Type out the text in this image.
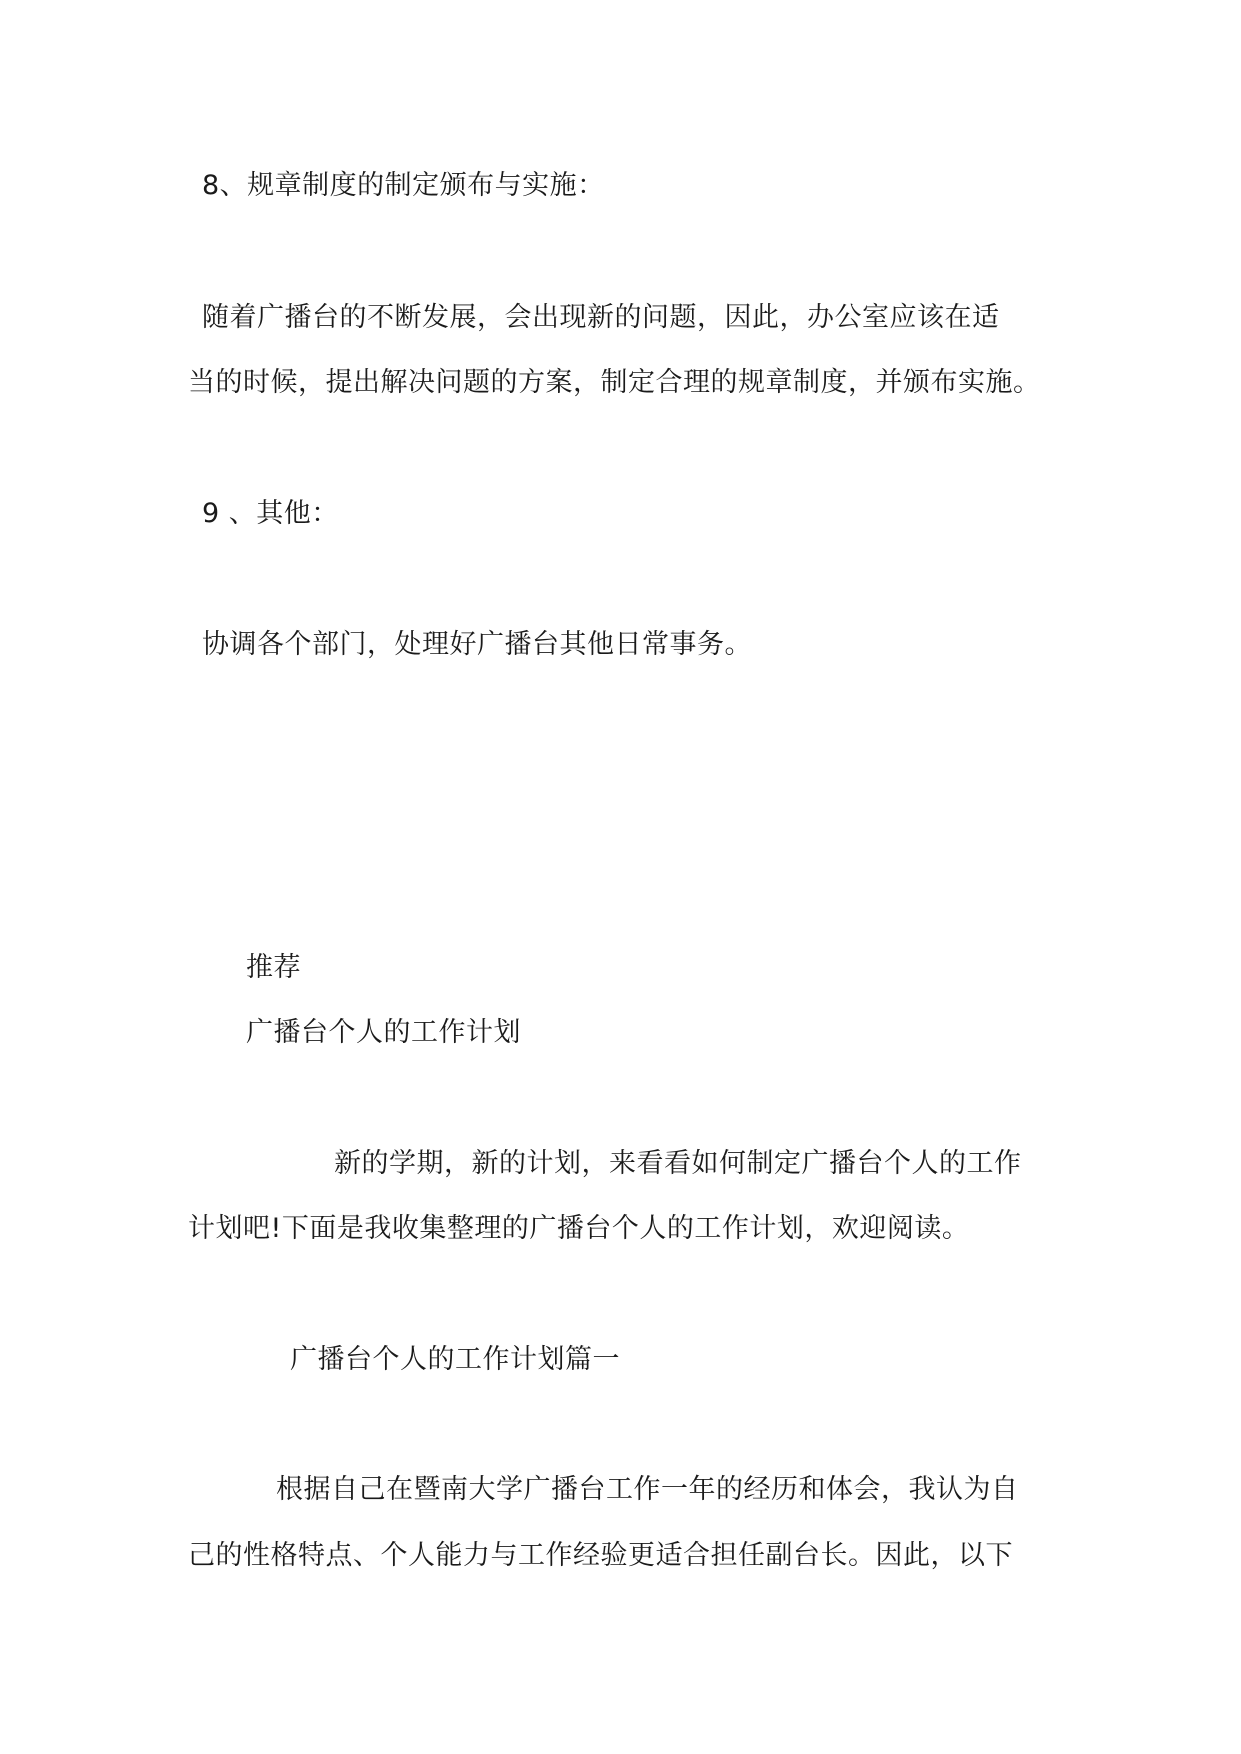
8、规章制度的制定颁布与实施：
随着广播台的不断发展，会出现新的问题，因此，办公室应该在适
当的时候，提出解决问题的方案，制定合理的规章制度，并颁布实施。
9 、其他：
协调各个部门，处理好广播台其他日常事务。
推荐
广播台个人的工作计划
新的学期，新的计划，来看看如何制定广播台个人的工作
计划吧!下面是我收集整理的广播台个人的工作计划，欢迎阅读。
广播台个人的工作计划篇一
根据自己在暨南大学广播台工作一年的经历和体会，我认为自
己的性格特点、个人能力与工作经验更适合担任副台长。因此，以下
